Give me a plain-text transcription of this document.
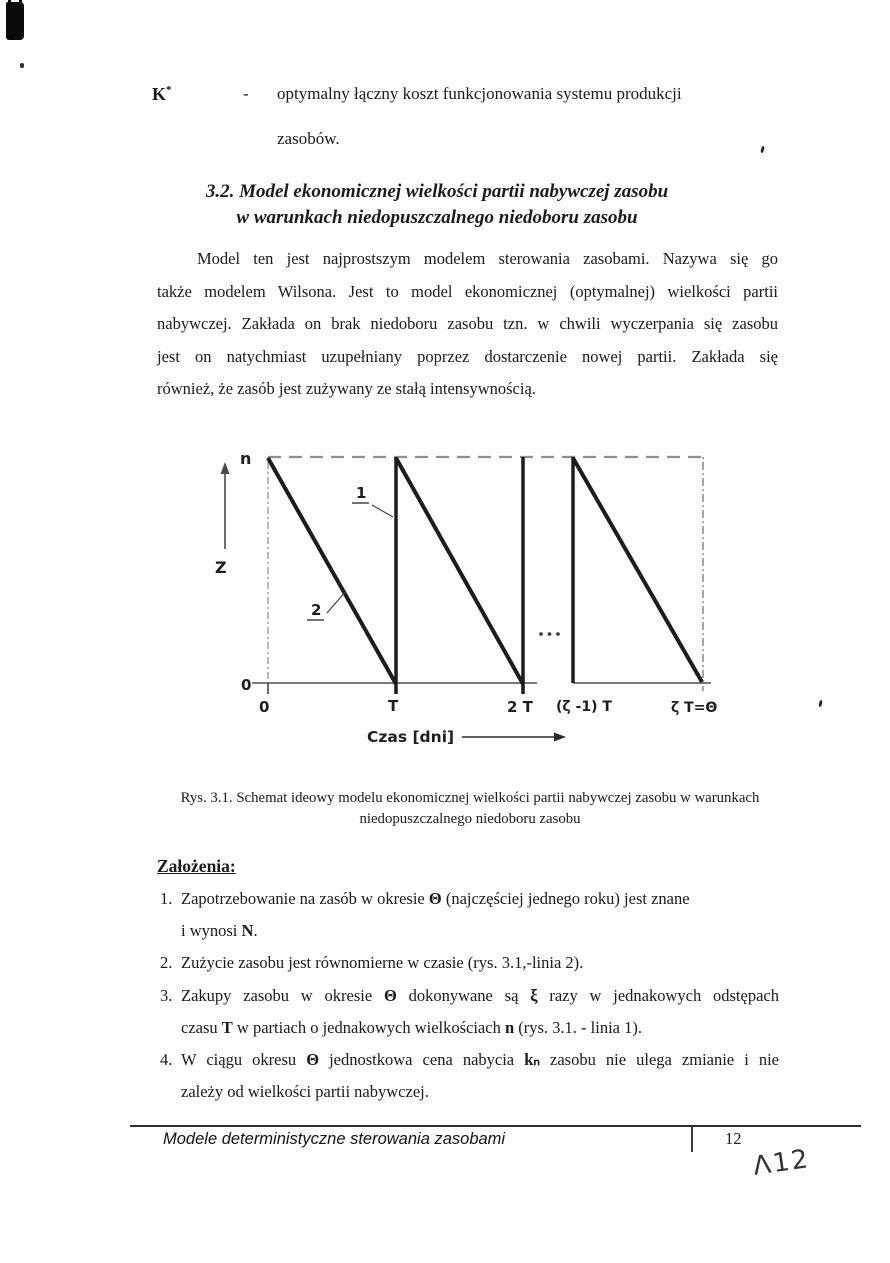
K*	- optymalny łączny koszt funkcjonowania systemu produkcji
zasobów.
3.2. Model ekonomicznej wielkości partii nabywczej zasobu
w warunkach niedopuszczalnego niedoboru zasobu
Model ten jest najprostszym modelem sterowania zasobami. Nazywa się go
także modelem Wilsona. Jest to model ekonomicznej (optymalnej) wielkości partii
nabywczej. Zakłada on brak niedoboru zasobu tzn. w chwili wyczerpania się zasobu
jest on natychmiast uzupełniany poprzez dostarczenie nowej partii. Zakłada się
również, że zasób jest zużywany ze stałą intensywnością.
1
2
n
Z
0
0	T	2 T (ζ -1) T	ζ T=Θ
Czas [dni]
Rys. 3.1. Schemat ideowy modelu ekonomicznej wielkości partii nabywczej zasobu w warunkach
niedopuszczalnego niedoboru zasobu
Założenia:
1. Zapotrzebowanie na zasób w okresie Θ (najczęściej jednego roku) jest znane
i wynosi N.
2. Zużycie zasobu jest równomierne w czasie (rys. 3.1,-linia 2).
3. Zakupy zasobu w okresie Θ dokonywane są ξ razy w jednakowych odstępach
czasu T w partiach o jednakowych wielkościach n (rys. 3.1. - linia 1).
4. W ciągu okresu Θ jednostkowa cena nabycia kₙ zasobu nie ulega zmianie i nie
zależy od wielkości partii nabywczej.
Modele deterministyczne sterowania zasobami	12
Λ12
